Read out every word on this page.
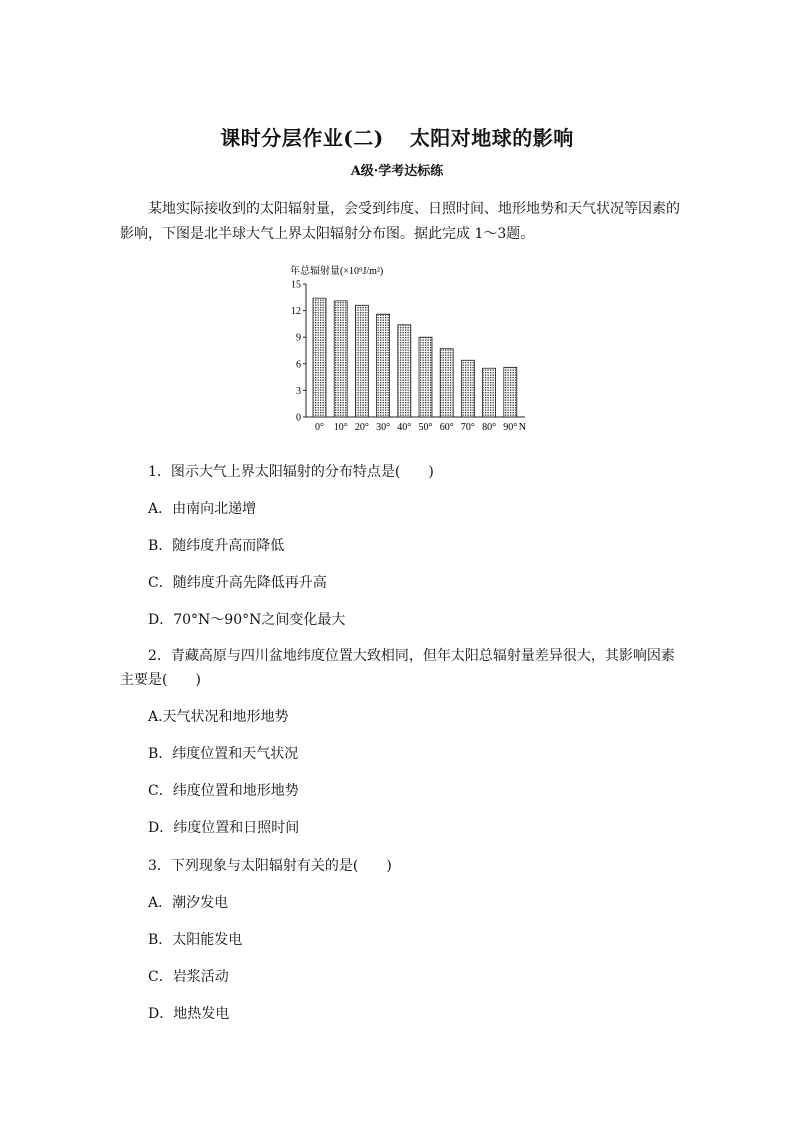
课时分层作业(二) 太阳对地球的影响
A级·学考达标练
某地实际接收到的太阳辐射量，会受到纬度、日照时间、地形地势和天气状况等因素的影响，下图是北半球大气上界太阳辐射分布图。据此完成 1～3题。
年总辐射量(×10⁹J/m²)
0
3
6
9
12
15
0° 10° 20° 30° 40° 50° 60° 70° 80° 90° N
1．图示大气上界太阳辐射的分布特点是(　　)
A．由南向北递增
B．随纬度升高而降低
C．随纬度升高先降低再升高
D．70°N～90°N之间变化最大
2．青藏高原与四川盆地纬度位置大致相同，但年太阳总辐射量差异很大，其影响因素主要是(　　)
A.天气状况和地形地势
B．纬度位置和天气状况
C．纬度位置和地形地势
D．纬度位置和日照时间
3．下列现象与太阳辐射有关的是(　　)
A．潮汐发电
B．太阳能发电
C．岩浆活动
D．地热发电
